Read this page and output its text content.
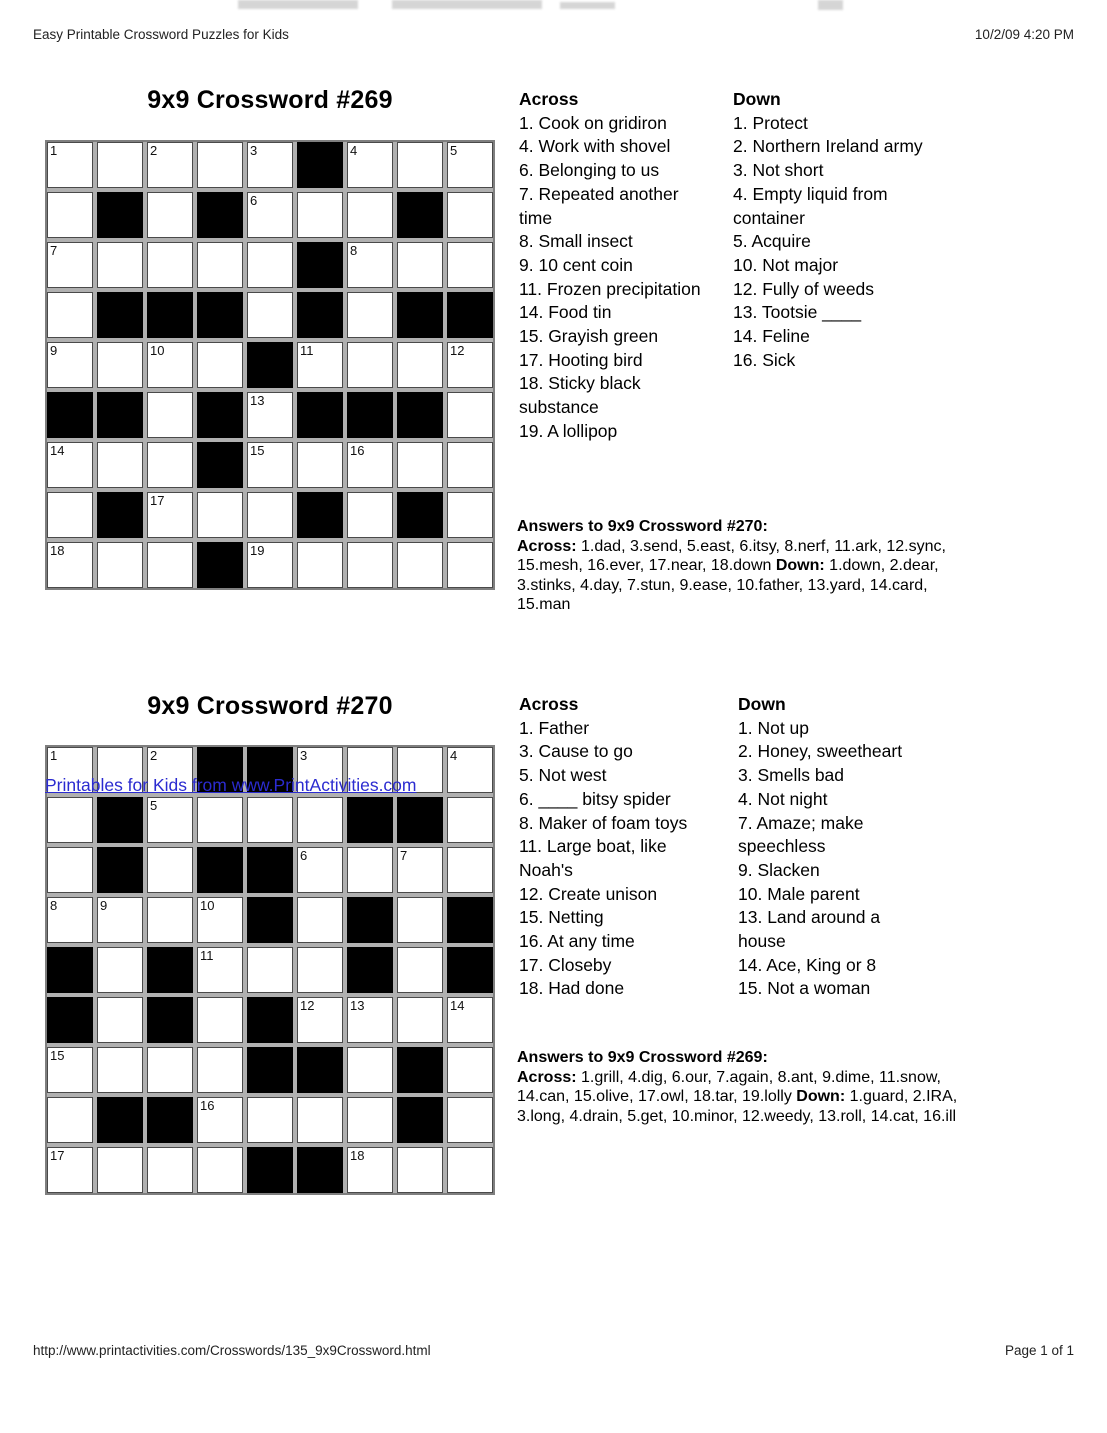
Easy Printable Crossword Puzzles for Kids	10/2/09 4:20 PM
9x9 Crossword #269
1	2	3	4	5
6
7	8
9	10	11	12
13
14	15	16
17
18	19
Across
1. Cook on gridiron
4. Work with shovel
6. Belonging to us
7. Repeated another time
8. Small insect
9. 10 cent coin
11. Frozen precipitation
14. Food tin
15. Grayish green
17. Hooting bird
18. Sticky black substance
19. A lollipop
Down
1. Protect
2. Northern Ireland army
3. Not short
4. Empty liquid from container
5. Acquire
10. Not major
12. Fully of weeds
13. Tootsie ____
14. Feline
16. Sick
Answers to 9x9 Crossword #270:
Across: 1.dad, 3.send, 5.east, 6.itsy, 8.nerf, 11.ark, 12.sync, 15.mesh, 16.ever, 17.near, 18.down Down: 1.down, 2.dear, 3.stinks, 4.day, 7.stun, 9.ease, 10.father, 13.yard, 14.card, 15.man
9x9 Crossword #270
1	2	3	4
5
6	7
8	9	10
11
12	13	14
15
16
17	18
Printables for Kids from www.PrintActivities.com
Across
1. Father
3. Cause to go
5. Not west
6. ____ bitsy spider
8. Maker of foam toys
11. Large boat, like Noah's
12. Create unison
15. Netting
16. At any time
17. Closeby
18. Had done
Down
1. Not up
2. Honey, sweetheart
3. Smells bad
4. Not night
7. Amaze; make speechless
9. Slacken
10. Male parent
13. Land around a house
14. Ace, King or 8
15. Not a woman
Answers to 9x9 Crossword #269:
Across: 1.grill, 4.dig, 6.our, 7.again, 8.ant, 9.dime, 11.snow, 14.can, 15.olive, 17.owl, 18.tar, 19.lolly Down: 1.guard, 2.IRA, 3.long, 4.drain, 5.get, 10.minor, 12.weedy, 13.roll, 14.cat, 16.ill
http://www.printactivities.com/Crosswords/135_9x9Crossword.html	Page 1 of 1
